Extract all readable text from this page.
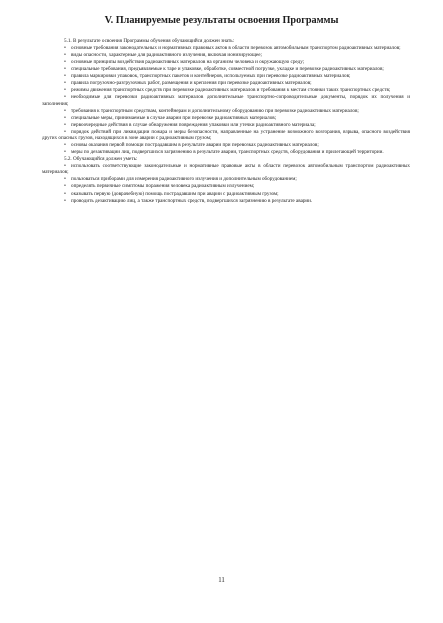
V. Планируемые результаты освоения Программы

5.1. В результате освоения Программы обучения обучающийся должен знать:

• основные требования законодательных и нормативных правовых актов в области перевозок автомобильным транспортом радиоактивных материалов;

• виды опасности, характерные для радиоактивного излучения, включая ионизирующее;

• основные принципы воздействия радиоактивных материалов на организм человека и окружающую среду;

• специальные требования, предъявляемые к таре и упаковке, обработке, совместной погрузке, укладке и перевозке радиоактивных материалов;

• правила маркировки упаковок, транспортных пакетов и контейнеров, используемых при перевозке радиоактивных материалов;

• правила погрузочно-разгрузочных работ, размещения и крепления при перевозке радиоактивных материалов;

• режимы движения транспортных средств при перевозке радиоактивных материалов и требования к местам стоянки таких транспортных средств;

• необходимые для перевозки радиоактивных материалов дополнительные транспортно-сопроводительные документы, порядок их получения и заполнения;

• требования к транспортным средствам, контейнерам и дополнительному оборудованию при перевозке радиоактивных материалов;

• специальные меры, принимаемые в случае аварии при перевозке радиоактивных материалов;

• первоочередные действия в случае обнаружения повреждения упаковки или утечки радиоактивного материала;

• порядок действий при ликвидации пожара и меры безопасности, направленные на устранение возможного возгорания, взрыва, опасного воздействия других опасных грузов, находящихся в зоне аварии с радиоактивным грузом;

• основы оказания первой помощи пострадавшим в результате аварии при перевозках радиоактивных материалов;

• меры по дезактивации лиц, подвергшихся загрязнению в результате аварии, транспортных средств, оборудования и прилегающей территории.

5.2. Обучающийся должен уметь:

• использовать соответствующие законодательные и нормативные правовые акты в области перевозок автомобильным транспортом радиоактивных материалов;

• пользоваться приборами для измерения радиоактивного излучения и дополнительным оборудованием;

• определять первичные симптомы поражения человека радиоактивным излучением;

• оказывать первую (доврачебную) помощь пострадавшим при аварии с радиоактивным грузом;

• проводить дезактивацию лиц, а также транспортных средств, подвергшихся загрязнению в результате аварии.

11
